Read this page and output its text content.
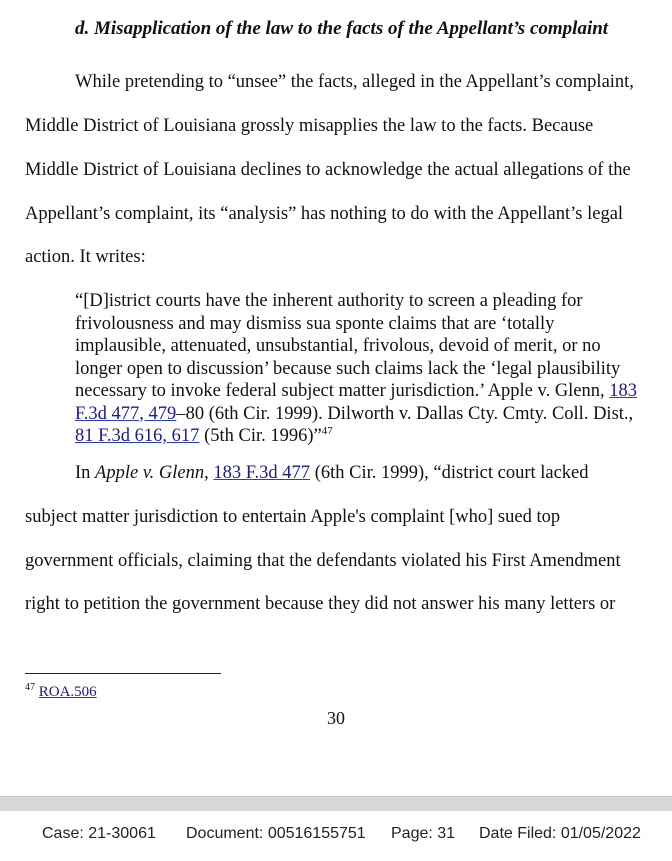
d. Misapplication of the law to the facts of the Appellant’s complaint
While pretending to “unsee” the facts, alleged in the Appellant’s complaint,
Middle District of Louisiana grossly misapplies the law to the facts. Because
Middle District of Louisiana declines to acknowledge the actual allegations of the
Appellant’s complaint, its “analysis” has nothing to do with the Appellant’s legal
action. It writes:
“[D]istrict courts have the inherent authority to screen a pleading for
frivolousness and may dismiss sua sponte claims that are ‘totally
implausible, attenuated, unsubstantial, frivolous, devoid of merit, or no
longer open to discussion’ because such claims lack the ‘legal plausibility
necessary to invoke federal subject matter jurisdiction.’ Apple v. Glenn, 183
F.3d 477, 479–80 (6th Cir. 1999). Dilworth v. Dallas Cty. Cmty. Coll. Dist.,
81 F.3d 616, 617 (5th Cir. 1996)”$^{47}$
In Apple v. Glenn, 183 F.3d 477 (6th Cir. 1999), “district court lacked
subject matter jurisdiction to entertain Apple's complaint [who] sued top
government officials, claiming that the defendants violated his First Amendment
right to petition the government because they did not answer his many letters or
$^{47}$ ROA.506
30
Case: 21-30061 Document: 00516155751 Page: 31 Date Filed: 01/05/2022
